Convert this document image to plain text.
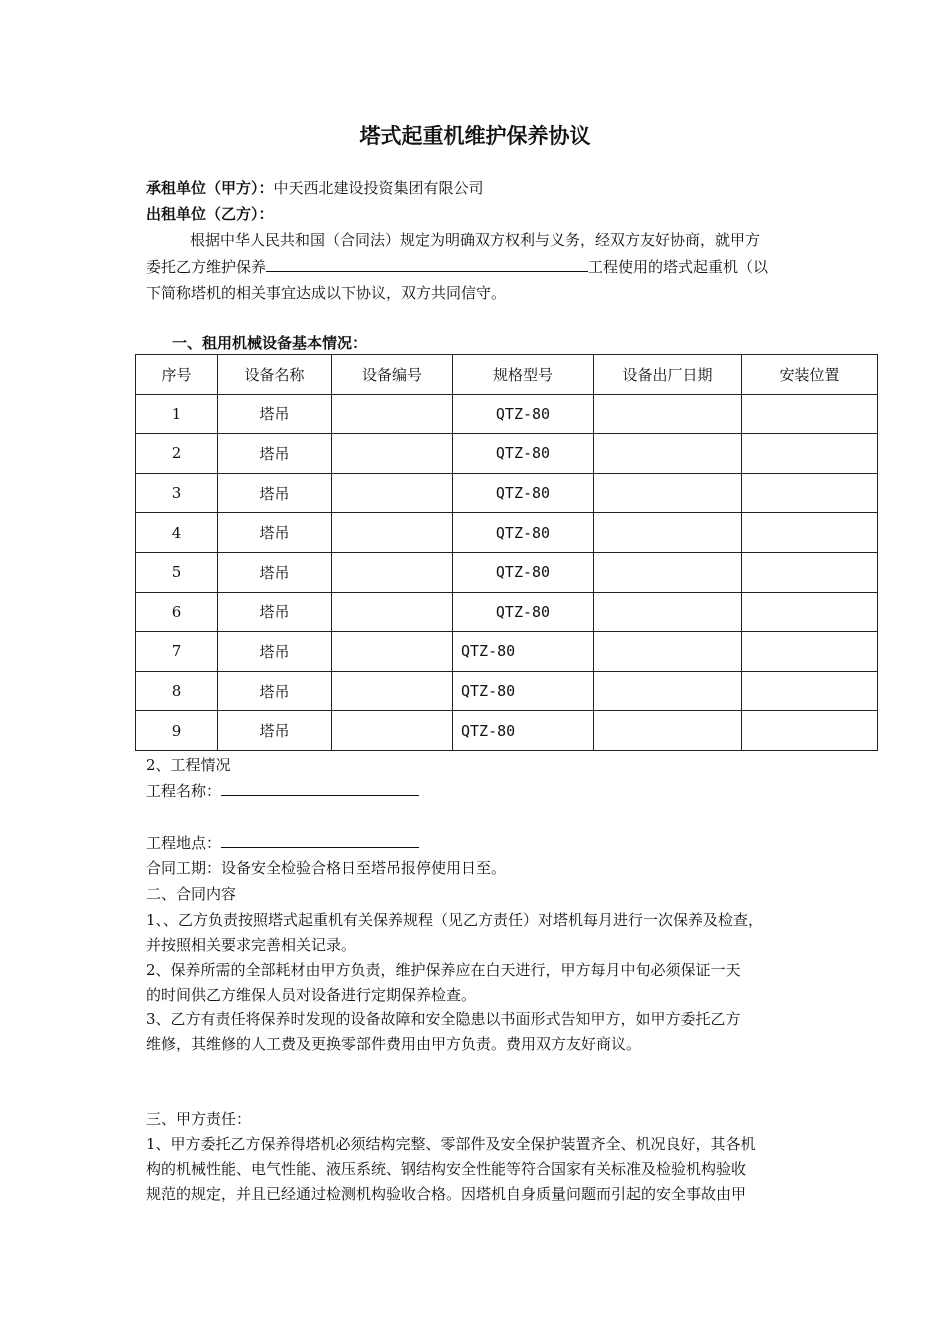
塔式起重机维护保养协议
承租单位（甲方）：中天西北建设投资集团有限公司
出租单位（乙方）：
根据中华人民共和国（合同法）规定为明确双方权利与义务，经双方友好协商，就甲方
委托乙方维护保养	工程使用的塔式起重机（以
下简称塔机的相关事宜达成以下协议，双方共同信守。
一、租用机械设备基本情况：
序号	设备名称	设备编号	规格型号	设备出厂日期	安装位置
1	塔吊		QTZ-80		
2	塔吊		QTZ-80		
3	塔吊		QTZ-80		
4	塔吊		QTZ-80		
5	塔吊		QTZ-80		
6	塔吊		QTZ-80		
7	塔吊		QTZ-80		
8	塔吊		QTZ-80		
9	塔吊		QTZ-80		
2、工程情况
工程名称：
工程地点：
合同工期：设备安全检验合格日至塔吊报停使用日至。
二、合同内容
1、、乙方负责按照塔式起重机有关保养规程（见乙方责任）对塔机每月进行一次保养及检查，
并按照相关要求完善相关记录。
2、保养所需的全部耗材由甲方负责，维护保养应在白天进行，甲方每月中旬必须保证一天
的时间供乙方维保人员对设备进行定期保养检查。
3、乙方有责任将保养时发现的设备故障和安全隐患以书面形式告知甲方，如甲方委托乙方
维修，其维修的人工费及更换零部件费用由甲方负责。费用双方友好商议。
三、甲方责任：
1、甲方委托乙方保养得塔机必须结构完整、零部件及安全保护装置齐全、机况良好，其各机
构的机械性能、电气性能、液压系统、钢结构安全性能等符合国家有关标准及检验机构验收
规范的规定，并且已经通过检测机构验收合格。因塔机自身质量问题而引起的安全事故由甲
